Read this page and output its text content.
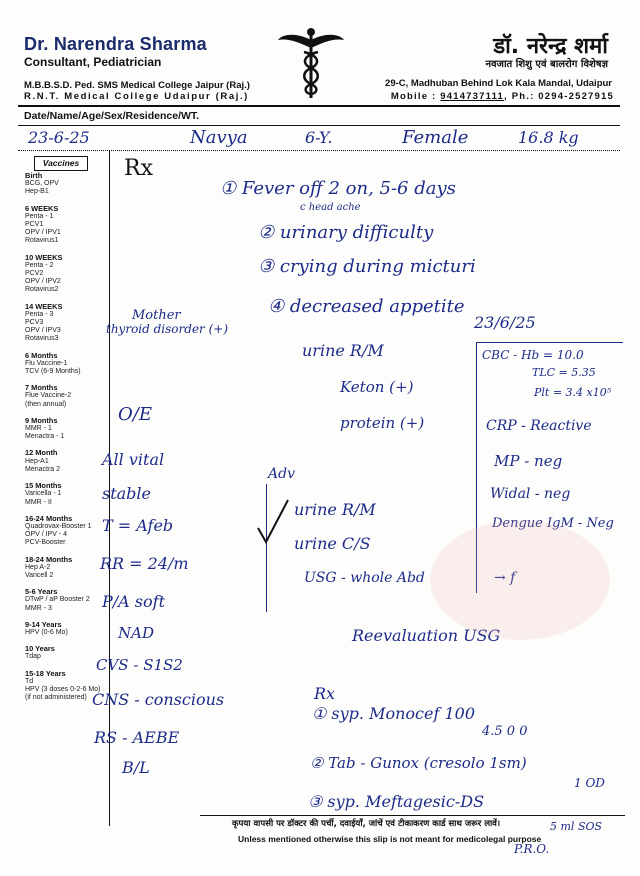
Dr. Narendra Sharma
Consultant, Pediatrician
M.B.B.S.D. Ped. SMS Medical College Jaipur (Raj.)
R.N.T. Medical College Udaipur (Raj.)
डॉ. नरेन्द्र शर्मा
नवजात शिशु एवं बालरोग विशेषज्ञ
29-C, Madhuban Behind Lok Kala Mandal, Udaipur
Mobile : 9414737111, Ph.: 0294-2527915
Date/Name/Age/Sex/Residence/WT.
Vaccines
Birth
BCG, OPV
Hep-B1
6 WEEKS
Penta - 1
PCV1
OPV / IPV1
Rotavirus1
10 WEEKS
Penta - 2
PCV2
OPV / IPV2
Rotavirus2
14 WEEKS
Penta - 3
PCV3
OPV / IPV3
Rotavirus3
6 Months
Flu Vaccine-1
TCV (6-9 Months)
7 Months
Flue Vaccine-2
(then annual)
9 Months
MMR - 1
Menactra - 1
12 Month
Hep-A1
Menactra 2
15 Months
Varicella - 1
MMR - II
16-24 Months
Quadrovax-Booster 1
OPV / IPV - 4
PCV-Booster
18-24 Months
Hep A-2
Varicell 2
5-6 Years
DTwP / aP Booster 2
MMR - 3
9-14 Years
HPV (0-6 Mo)
10 Years
Tdap
15-18 Years
Td
HPV (3 doses 0-2-6 Mo)
(if not administered)
23-6-25	Navya	6-Y.	Female	16.8 kg
Rx
① Fever off 2 on, 5-6 days
c head ache
② urinary difficulty
③ crying during micturi
④ decreased appetite
Mother
thyroid disorder (+)
urine R/M
Keton (+)
protein (+)
23/6/25
CBC - Hb = 10.0
TLC = 5.35
Plt = 3.4 x10⁵
CRP - Reactive
MP - neg
Widal - neg
Dengue IgM - Neg
O/E
All vital
stable
T = Afeb
RR = 24/m
P/A soft
NAD
CVS - S1S2
CNS - conscious
RS - AEBE
B/L
Adv
urine R/M
urine C/S
USG - whole Abd	→ f
Reevaluation USG
Rx
① syp. Monocef 100
4.5 0 0
② Tab - Gunox (cresolo 1sm)
1 OD
③ syp. Meftagesic-DS
5 ml SOS
P.R.O.
कृपया वापसी पर डॉक्टर की पर्ची, दवाईयाँ, जांचें एवं टीकाकरण कार्ड साथ जरूर लावें।
Unless mentioned otherwise this slip is not meant for medicolegal purpose
